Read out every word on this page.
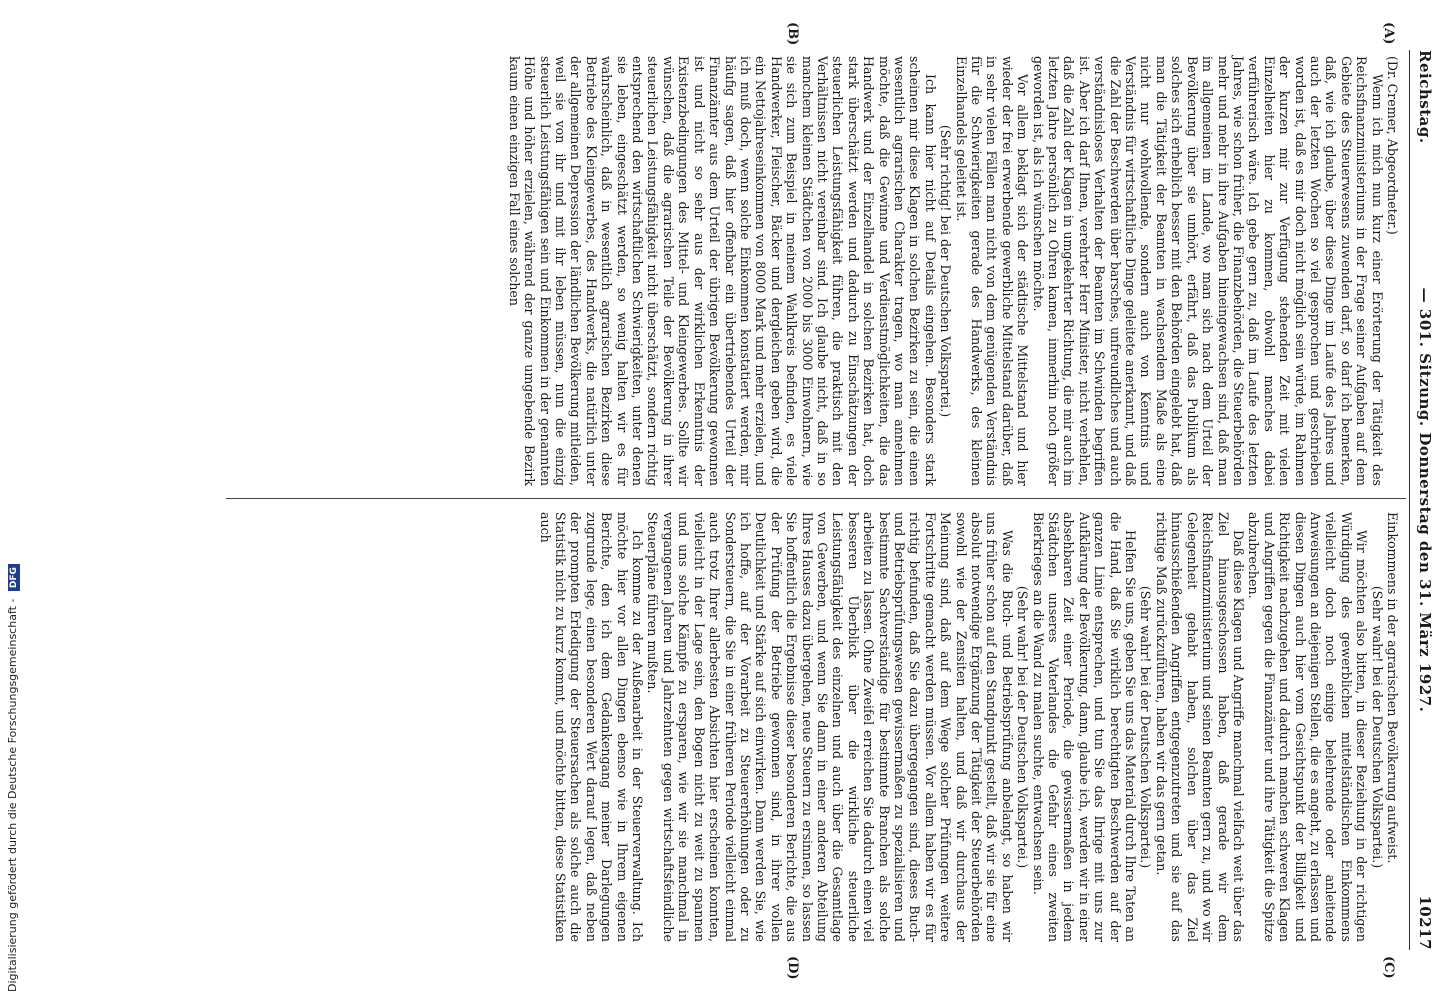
Reichstag.
— 301. Sitzung. Donnerstag den 31. März 1927.
10217
(A)
(B)
(C)
(D)

(Dr. Cremer, Abgeordneter.)

Wenn ich mich nun kurz einer Erörterung der Tätigkeit des Reichsfinanzministeriums in der Frage seiner Aufgaben auf dem Gebiete des Steuerwesens zuwenden darf, so darf ich bemerken, daß, wie ich glaube, über diese Dinge im Laufe des Jahres und auch der letzten Wochen so viel gesprochen und geschrieben worden ist, daß es mir doch nicht möglich sein würde, im Rahmen der kurzen mir zur Verfügung stehenden Zeit mit vielen Einzelheiten hier zu kommen, obwohl manches dabei verführerisch wäre. Ich gebe gern zu, daß im Laufe des letzten Jahres, wie schon früher, die Finanzbehörden, die Steuerbehörden mehr und mehr in ihre Aufgaben hineingewachsen sind, daß man im allgemeinen im Lande, wo man sich nach dem Urteil der Bevölkerung über sie umhört, erfährt, daß das Publikum als solches sich erheblich besser mit den Behörden eingelebt hat, daß man die Tätigkeit der Beamten in wachsendem Maße als eine nicht nur wohlwollende, sondern auch von Kenntnis und Verständnis für wirtschaftliche Dinge geleitete anerkannt, und daß die Zahl der Beschwerden über barsches, unfreundliches und auch verständnisloses Verhalten der Beamten im Schwinden begriffen ist. Aber ich darf Ihnen, verehrter Herr Minister, nicht verhehlen, daß die Zahl der Klagen in umgekehrter Richtung, die mir auch im letzten Jahre persönlich zu Ohren kamen, immerhin noch größer geworden ist, als ich wünschen möchte.

Vor allem beklagt sich der städtische Mittelstand und hier wieder der frei erwerbende gewerbliche Mittelstand darüber, daß in sehr vielen Fällen man nicht von dem genügenden Verständnis für die Schwierigkeiten gerade des Handwerks, des kleinen Einzelhandels geleitet ist.

(Sehr richtig! bei der Deutschen Volkspartei.)

Ich kann hier nicht auf Details eingehen. Besonders stark scheinen mir diese Klagen in solchen Bezirken zu sein, die einen wesentlich agrarischen Charakter tragen, wo man annehmen möchte, daß die Gewinne und Verdienstmöglichkeiten, die das Handwerk und der Einzelhandel in solchen Bezirken hat, doch stark überschätzt werden und dadurch zu Einschätzungen der steuerlichen Leistungsfähigkeit führen, die praktisch mit den Verhältnissen nicht vereinbar sind. Ich glaube nicht, daß in so manchem kleinen Städtchen von 2000 bis 3000 Einwohnern, wie sie sich zum Beispiel in meinem Wahlkreis befinden, es viele Handwerker, Fleischer, Bäcker und dergleichen geben wird, die ein Nettojahreseinkommen von 8000 Mark und mehr erzielen, und ich muß doch, wenn solche Einkommen konstatiert werden, mir häufig sagen, daß hier offenbar ein übertriebendes Urteil der Finanzämter aus dem Urteil der übrigen Bevölkerung gewonnen ist und nicht so sehr aus der wirklichen Erkenntnis der Existenzbedingungen des Mittel- und Kleingewerbes. Sollte wir wünschen, daß die agrarischen Teile der Bevölkerung in ihrer steuerlichen Leistungsfähigkeit nicht überschätzt, sondern richtig entsprechend den wirtschaftlichen Schwierigkeiten, unter denen sie leben, eingeschätzt werden, so wenig halten wir es für wahrscheinlich, daß in wesentlich agrarischen Bezirken diese Betriebe des Kleingewerbes, des Handwerks, die natürlich unter der allgemeinen Depression der ländlichen Bevölkerung mitleiden, weil sie von ihr und mit ihr leben müssen, nun die einzig steuerlich Leistungsfähigen sein und Einkommen in der genannten Höhe und höher erzielen, während der ganze umgebende Bezirk kaum einen einzigen Fall eines solchen

Einkommens in der agrarischen Bevölkerung aufweist.

(Sehr wahr! bei der Deutschen Volkspartei.)

Wir möchten also bitten, in dieser Beziehung in der richtigen Würdigung des gewerblichen mittelständischen Einkommens vielleicht doch noch einige belehrende oder anleitende Anweisungen an diejenigen Stellen, die es angeht, zu erlassen und diesen Dingen auch hier vom Gesichtspunkt der Billigkeit und Richtigkeit nachzugehen und dadurch manchen schweren Klagen und Angriffen gegen die Finanzämter und ihre Tätigkeit die Spitze abzubrechen.

Daß diese Klagen und Angriffe manchmal vielfach weit über das Ziel hinausgeschossen haben, daß gerade wir dem Reichsfinanzministerium und seinen Beamten gern zu, und wo wir Gelegenheit gehabt haben, solchen über das Ziel hinausschießenden Angriffen entgegenzutreten und sie auf das richtige Maß zurückzuführen, haben wir das gern getan.

(Sehr wahr! bei der Deutschen Volkspartei.)

Helfen Sie uns, geben Sie uns das Material durch Ihre Taten an die Hand, daß Sie wirklich berechtigten Beschwerden auf der ganzen Linie entsprechen, und tun Sie das Ihrige mit uns zur Aufklärung der Bevölkerung, dann, glaube ich, werden wir in einer absehbaren Zeit einer Periode, die gewissermaßen in jedem Städtchen unseres Vaterlandes die Gefahr eines zweiten Bierkrieges an die Wand zu malen suchte, entwachsen sein.

(Sehr wahr! bei der Deutschen Volkspartei.)

Was die Buch- und Betriebsprüfung anbelangt, so haben wir uns früher schon auf den Standpunkt gestellt, daß wir sie für eine absolut notwendige Ergänzung der Tätigkeit der Steuerbehörden sowohl wie der Zensiten halten, und daß wir durchaus der Meinung sind, daß auf dem Wege solcher Prüfungen weitere Fortschritte gemacht werden müssen. Vor allem haben wir es für richtig befunden, daß Sie dazu übergegangen sind, dieses Buch- und Betriebsprüfungswesen gewissermaßen zu spezialisieren und bestimmte Sachverständige für bestimmte Branchen als solche arbeiten zu lassen. Ohne Zweifel erreichen Sie dadurch einen viel besseren Überblick über die wirkliche steuerliche Leistungsfähigkeit des einzelnen und auch über die Gesamtlage von Gewerben, und wenn Sie dann in einer anderen Abteilung Ihres Hauses dazu übergehen, neue Steuern zu ersinnen, so lassen Sie hoffentlich die Ergebnisse dieser besonderen Berichte, die aus der Prüfung der Betriebe gewonnen sind, in ihrer vollen Deutlichkeit und Stärke auf sich einwirken. Dann werden Sie, wie ich hoffe, auf der Vorarbeit zu Steuererhöhungen oder zu Sondersteuern, die Sie in einer früheren Periode vielleicht einmal auch trotz Ihrer allerbesten Absichten hier erscheinen konnten, vielleicht in der Lage sein, den Bogen nicht zu weit zu spannen und uns solche Kämpfe zu ersparen, wie wir sie manchmal in vergangenen Jahren und Jahrzehnten gegen wirtschaftsfeindliche Steuerpläne führen mußten.

Ich komme zu der Außenarbeit in der Steuerverwaltung. Ich möchte hier vor allen Dingen ebenso wie in Ihrem eigenen Berichte, den ich dem Gedankengang meiner Darlegungen zugrunde lege, einen besonderen Wert darauf legen, daß neben der prompten Erledigung der Steuersachen als solche auch die Statistik nicht zu kurz kommt, und möchte bitten, diese Statistiken auch

Digitalisierung gefördert durch die Deutsche Forschungsgemeinschaft - DFG
